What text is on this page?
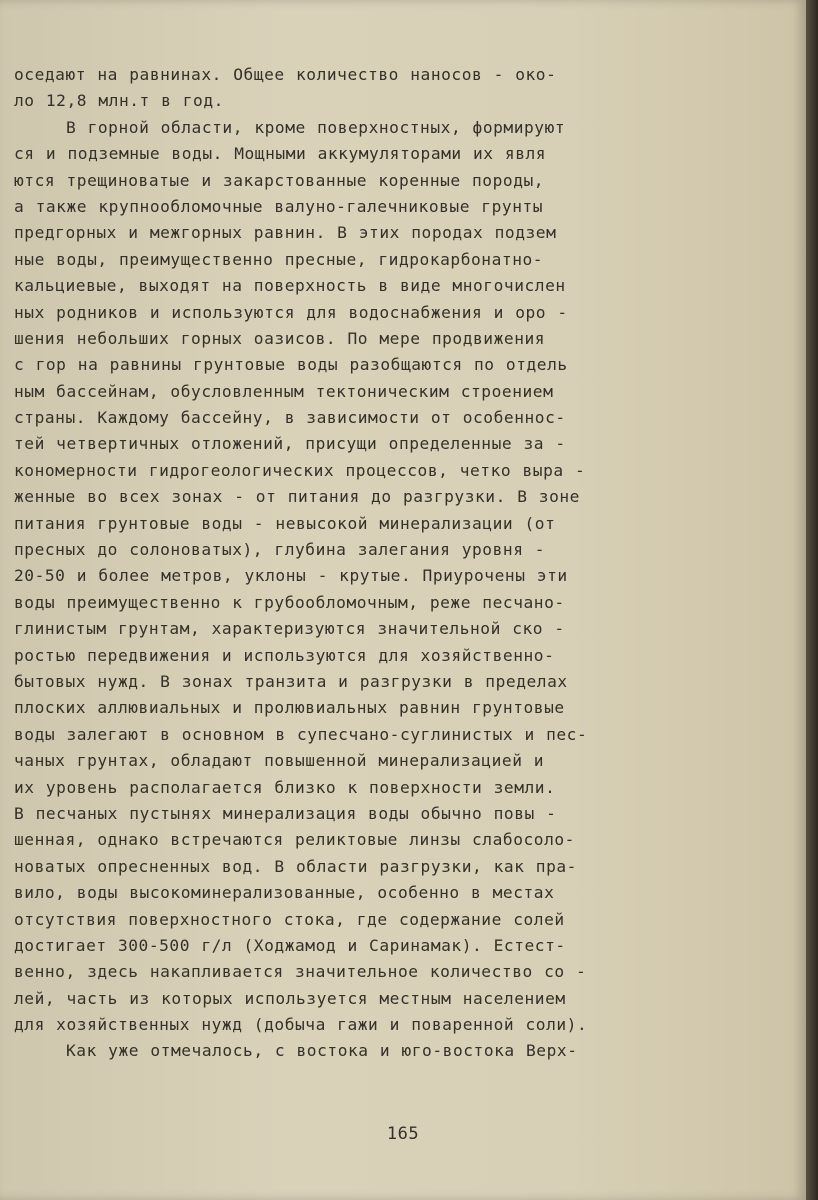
оседают на равнинах. Общее количество наносов - око-
ло 12,8 млн.т в год.
В горной области, кроме поверхностных, формируют
ся и подземные воды. Мощными аккумуляторами их явля
ются трещиноватые и закарстованные коренные породы,
а также крупнообломочные валуно-галечниковые грунты
предгорных и межгорных равнин. В этих породах подзем
ные воды, преимущественно пресные, гидрокарбонатно-
кальциевые, выходят на поверхность в виде многочислен
ных родников и используются для водоснабжения и оро -
шения небольших горных оазисов. По мере продвижения
с гор на равнины грунтовые воды разобщаются по отдель
ным бассейнам, обусловленным тектоническим строением
страны. Каждому бассейну, в зависимости от особеннос-
тей четвертичных отложений, присущи определенные за -
кономерности гидрогеологических процессов, четко выра -
женные во всех зонах - от питания до разгрузки. В зоне
питания грунтовые воды - невысокой минерализации (от
пресных до солоноватых), глубина залегания уровня -
20-50 и более метров, уклоны - крутые. Приурочены эти
воды преимущественно к грубообломочным, реже песчано-
глинистым грунтам, характеризуются значительной ско -
ростью передвижения и используются для хозяйственно-
бытовых нужд. В зонах транзита и разгрузки в пределах
плоских аллювиальных и пролювиальных равнин грунтовые
воды залегают в основном в супесчано-суглинистых и пес-
чаных грунтах, обладают повышенной минерализацией и
их уровень располагается близко к поверхности земли.
В песчаных пустынях минерализация воды обычно повы -
шенная, однако встречаются реликтовые линзы слабосоло-
новатых опресненных вод. В области разгрузки, как пра-
вило, воды высокоминерализованные, особенно в местах
отсутствия поверхностного стока, где содержание солей
достигает 300-500 г/л (Ходжамод и Саринамак). Естест-
венно, здесь накапливается значительное количество со -
лей, часть из которых используется местным населением
для хозяйственных нужд (добыча гажи и поваренной соли).
Как уже отмечалось, с востока и юго-востока Верх-
165
